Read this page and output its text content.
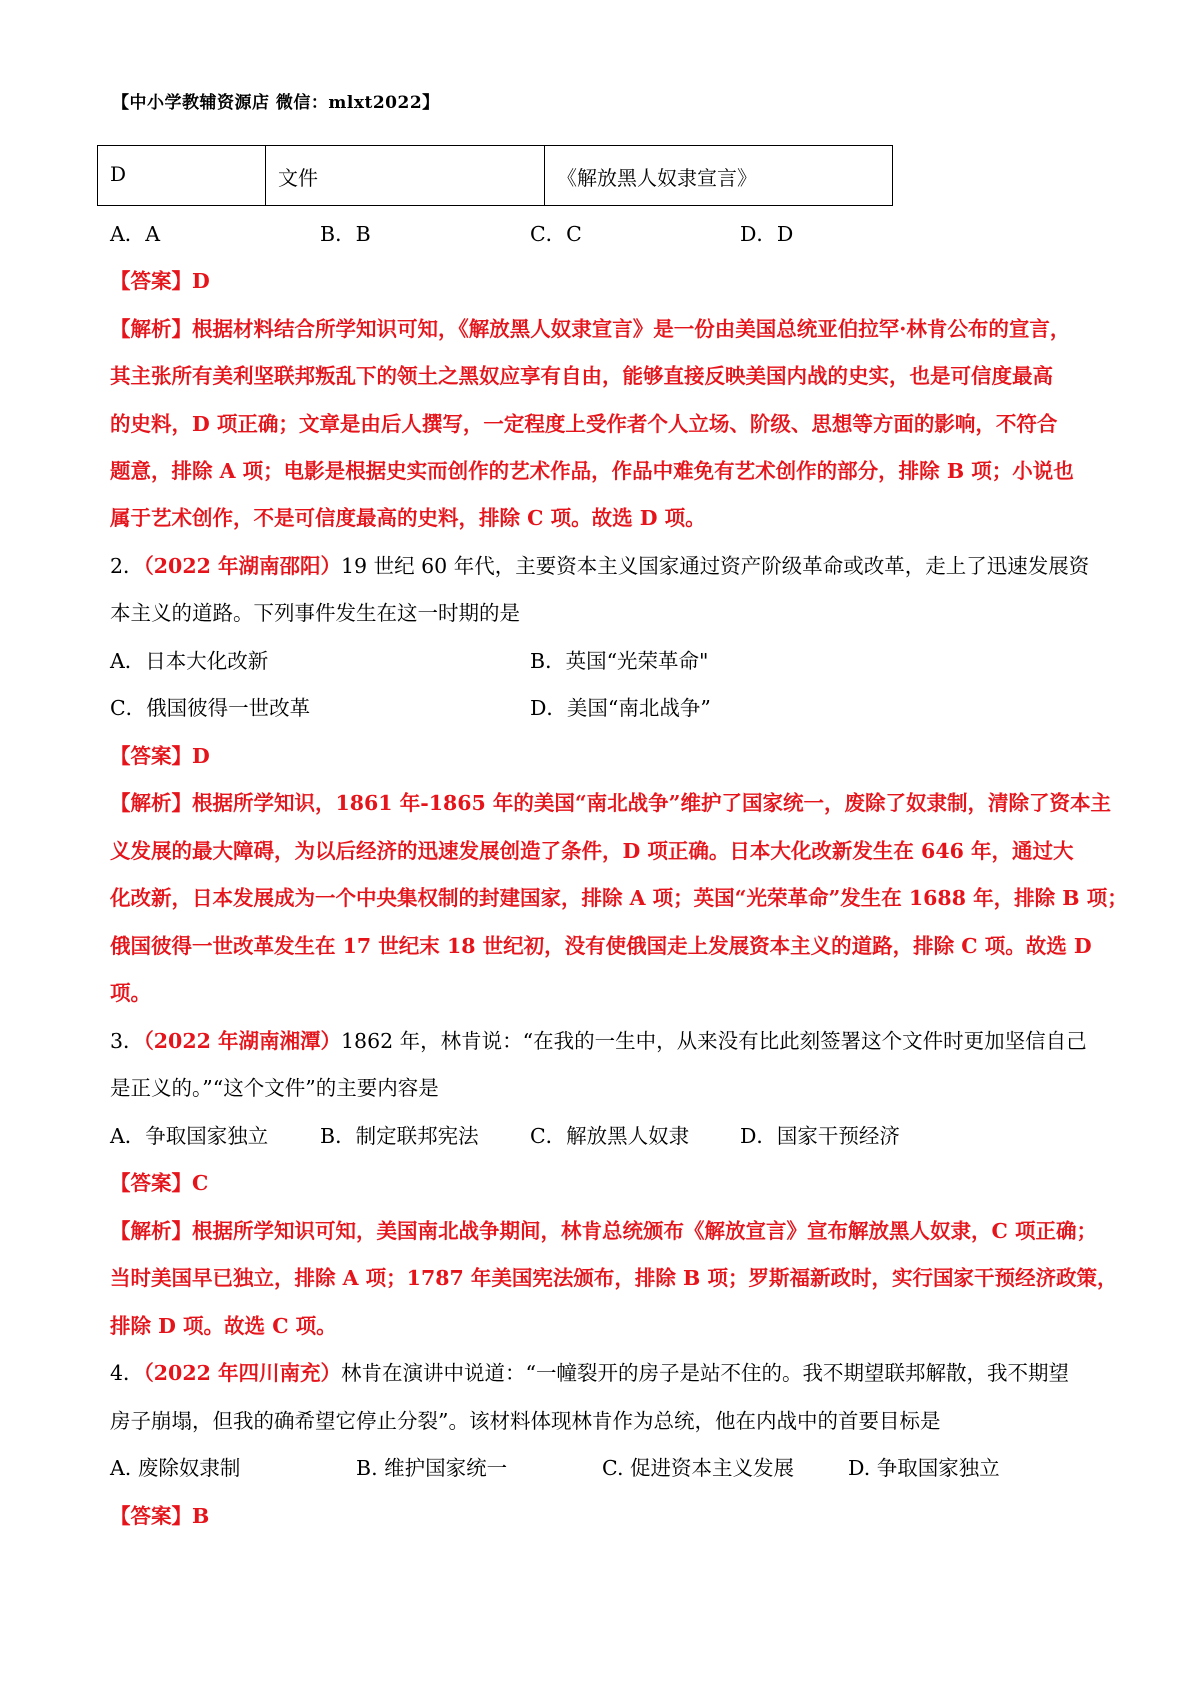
【中小学教辅资源店 微信：mlxt2022】
D	文件	《解放黑人奴隶宣言》
A．A	B．B	C．C	D．D
【答案】D
【解析】根据材料结合所学知识可知，《解放黑人奴隶宣言》是一份由美国总统亚伯拉罕·林肯公布的宣言，
其主张所有美利坚联邦叛乱下的领土之黑奴应享有自由，能够直接反映美国内战的史实，也是可信度最高
的史料，D 项正确；文章是由后人撰写，一定程度上受作者个人立场、阶级、思想等方面的影响，不符合
题意，排除 A 项；电影是根据史实而创作的艺术作品，作品中难免有艺术创作的部分，排除 B 项；小说也
属于艺术创作，不是可信度最高的史料，排除 C 项。故选 D 项。
2．（2022 年湖南邵阳）19 世纪 60 年代，主要资本主义国家通过资产阶级革命或改革，走上了迅速发展资
本主义的道路。下列事件发生在这一时期的是
A．日本大化改新	B．英国“光荣革命"
C．俄国彼得一世改革	D．美国“南北战争”
【答案】D
【解析】根据所学知识，1861 年-1865 年的美国“南北战争”维护了国家统一，废除了奴隶制，清除了资本主
义发展的最大障碍，为以后经济的迅速发展创造了条件，D 项正确。日本大化改新发生在 646 年，通过大
化改新，日本发展成为一个中央集权制的封建国家，排除 A 项；英国“光荣革命”发生在 1688 年，排除 B 项；
俄国彼得一世改革发生在 17 世纪末 18 世纪初，没有使俄国走上发展资本主义的道路，排除 C 项。故选 D
项。
3．（2022 年湖南湘潭）1862 年，林肯说：“在我的一生中，从来没有比此刻签署这个文件时更加坚信自己
是正义的。”“这个文件”的主要内容是
A．争取国家独立	B．制定联邦宪法	C．解放黑人奴隶 D．国家干预经济
【答案】C
【解析】根据所学知识可知，美国南北战争期间，林肯总统颁布《解放宣言》宣布解放黑人奴隶，C 项正确；
当时美国早已独立，排除 A 项；1787 年美国宪法颁布，排除 B 项；罗斯福新政时，实行国家干预经济政策，
排除 D 项。故选 C 项。
4．（2022 年四川南充）林肯在演讲中说道：“一幢裂开的房子是站不住的。我不期望联邦解散，我不期望
房子崩塌，但我的确希望它停止分裂”。该材料体现林肯作为总统，他在内战中的首要目标是
A. 废除奴隶制	B. 维护国家统一	C. 促进资本主义发展	D. 争取国家独立
【答案】B
